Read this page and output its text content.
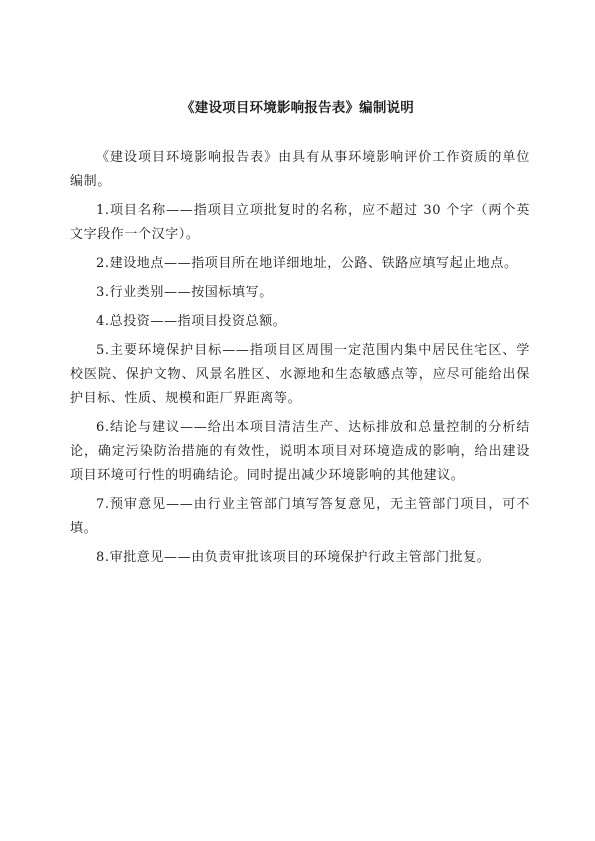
《建设项目环境影响报告表》编制说明

《建设项目环境影响报告表》由具有从事环境影响评价工作资质的单位编制。

1.项目名称——指项目立项批复时的名称，应不超过 30 个字（两个英文字段作一个汉字）。

2.建设地点——指项目所在地详细地址，公路、铁路应填写起止地点。

3.行业类别——按国标填写。

4.总投资——指项目投资总额。

5.主要环境保护目标——指项目区周围一定范围内集中居民住宅区、学校医院、保护文物、风景名胜区、水源地和生态敏感点等，应尽可能给出保护目标、性质、规模和距厂界距离等。

6.结论与建议——给出本项目清洁生产、达标排放和总量控制的分析结论，确定污染防治措施的有效性，说明本项目对环境造成的影响，给出建设项目环境可行性的明确结论。同时提出减少环境影响的其他建议。

7.预审意见——由行业主管部门填写答复意见，无主管部门项目，可不填。

8.审批意见——由负责审批该项目的环境保护行政主管部门批复。
